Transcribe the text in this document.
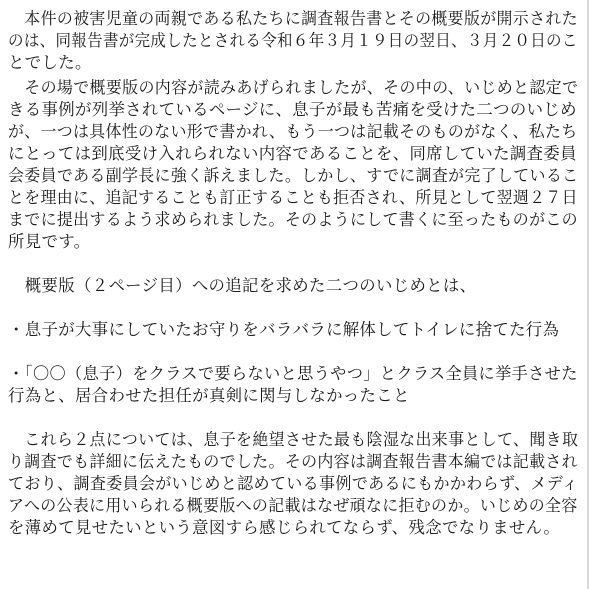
　本件の被害児童の両親である私たちに調査報告書とその概要版が開示された
のは、同報告書が完成したとされる令和６年３月１９日の翌日、３月２０日のこ
とでした。
　その場で概要版の内容が読みあげられましたが、その中の、いじめと認定で
きる事例が列挙されているページに、息子が最も苦痛を受けた二つのいじめ
が、一つは具体性のない形で書かれ、もう一つは記載そのものがなく、私たち
にとっては到底受け入れられない内容であることを、同席していた調査委員
会委員である副学長に強く訴えました。しかし、すでに調査が完了しているこ
とを理由に、追記することも訂正することも拒否され、所見として翌週２７日
までに提出するよう求められました。そのようにして書くに至ったものがこの
所見です。
　概要版（２ページ目）への追記を求めた二つのいじめとは、
・息子が大事にしていたお守りをバラバラに解体してトイレに捨てた行為
・「〇〇（息子）をクラスで要らないと思うやつ」とクラス全員に挙手させた
行為と、居合わせた担任が真剣に関与しなかったこと
　これら２点については、息子を絶望させた最も陰湿な出来事として、聞き取
り調査でも詳細に伝えたものでした。その内容は調査報告書本編では記載され
ており、調査委員会がいじめと認めている事例であるにもかかわらず、メディ
アへの公表に用いられる概要版への記載はなぜ頑なに拒むのか。いじめの全容
を薄めて見せたいという意図すら感じられてならず、残念でなりません。
